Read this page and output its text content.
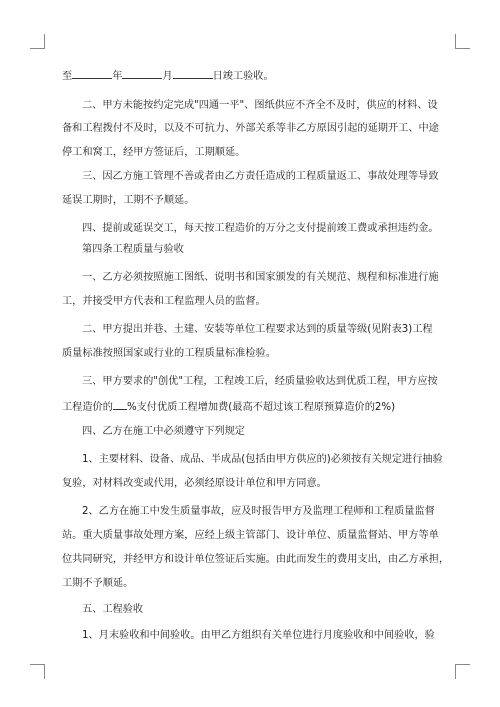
至	年	月	日竣工验收。
二、甲方未能按约定完成"四通一平"、图纸供应不齐全不及时，供应的材料、设
备和工程拨付不及时，以及不可抗力、外部关系等非乙方原因引起的延期开工、中途
停工和窝工，经甲方签证后，工期顺延。
三、因乙方施工管理不善或者由乙方责任造成的工程质量返工、事故处理等导致
延误工期时，工期不予顺延。
四、提前或延误交工，每天按工程造价的万分之支付提前竣工费或承担违约金。
第四条工程质量与验收
一、乙方必须按照施工图纸、说明书和国家颁发的有关规范、规程和标准进行施
工，并接受甲方代表和工程监理人员的监督。
二、甲方提出并巷、土建、安装等单位工程要求达到的质量等级(见附表3)工程
质量标准按照国家或行业的工程质量标准检验。
三、甲方要求的"创优"工程，工程竣工后，经质量验收达到优质工程，甲方应按
工程造价的 %支付优质工程增加费(最高不超过该工程原预算造价的2%)
四、乙方在施工中必须遵守下列规定
1、主要材料、设备、成品、半成品(包括由甲方供应的)必须按有关规定进行抽验
复验，对材料改变或代用，必须经原设计单位和甲方同意。
2、乙方在施工中发生质量事故，应及时报告甲方及监理工程师和工程质量监督
站。重大质量事故处理方案，应经上级主管部门、设计单位、质量监督站、甲方等单
位共同研究，并经甲方和设计单位签证后实施。由此而发生的费用支出，由乙方承担，
工期不予顺延。
五、工程验收
1、月末验收和中间验收。由甲乙方组织有关单位进行月度验收和中间验收，验
